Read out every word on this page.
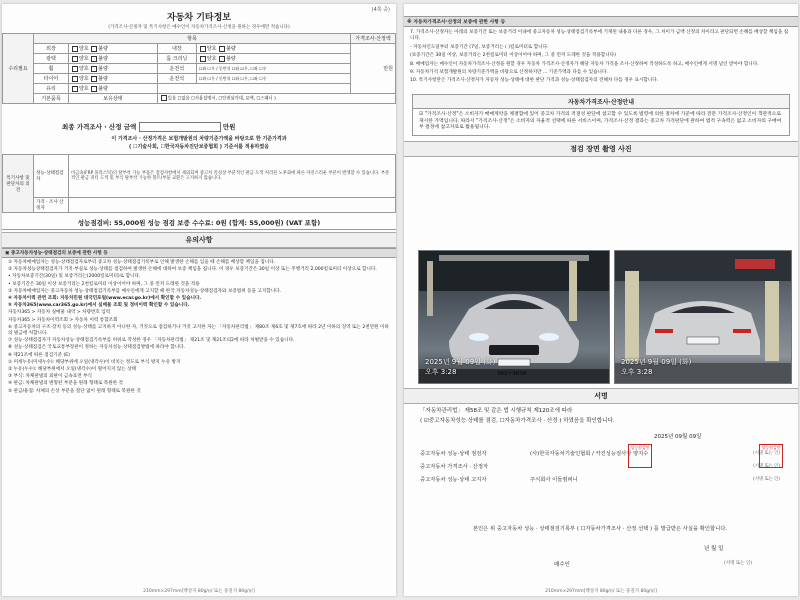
(4쪽 중)
자동차 기타정보
(가격조사·산정자 및 특기사항은 매수인이 자동차가격조사·산정을 원하는 경우에만 적습니다)
수리필요	항목				가격조사·산정액
	외장	양호 불량	내장	양호 불량	만원
	광택	양호 불량	룸 크리닝	양호 불량	
	휠	양호 불량	운전석	☐좌 ☐우 / 동반석 ☐좌 ☑우, ☐좌 ☐우	
	타이어	양호 불량	운전석	☐좌 ☐우 / 동반석 ☐좌 ☐우, ☐좌 ☐우	
	유리	양호 불량			
	기본품목	보유상태	있음 ☐없음 ☐사용설명서, ☐안전삼각대, ☑잭, ☐스패너 )		
최종 가격조사 · 산정 금액	만원
이 가격조사 · 산정가격은 보험개발원의 차량기준가액을 바탕으로 한 기준가격과
( ☐기술사회, ☐한국자동차진단보증협회 ) 기준서를 적용하였음
특기사항 및 판단자의 의견	성능·상태점검자	비금속(FRP 플라스틱)의 탈부착 가능 부품은 점검사항에서 제외되며 중고차 특성상 부분적인 판금 도색 처리된 노후화에 따른 자연스러운 부분이 발생할 수 있습니다. 부분적인 판금 퍼티 도색 및 부식 탈부착 가능한 볼트/부품 교환은 고지하지 않습니다.
	가격 · 조사 산정자	
성능점검비: 55,000원 성능 점검 보증 수수료: 0원 (합계: 55,000원) (VAT 포함)
유의사항
▣ 중고자동차성능·상태점검의 보증에 관한 사항 등
① 자동차매매업자는 성능·상태점검자로부터 중고차 성능·상태점검기록부로 인해 발생한 손해를 입을 때 손해를 배상할 책임을 집니다.
② 자동차성능상태점검자가 거짓·부실로 성능·상태를 점검하여 발생한 손해에 대하여 보증 책임을 집니다. 이 경우 보증기간은 30일 이상 또는 주행거리 2,000킬로미터 이상으로 합니다.
• 자동차보증기간(30일) 및 보증거리는(2000킬로미터)로 합니다.
• 보증기간은 30일 이상 보증거리는 2천킬로미터 이상이어야 하며, 그 중 먼저 도래한 것을 적용
③ 자동차매매업자는 중고자동차 성능·상태점검기록부를 매수인에게 고지할 때 한국 자동차성능·상태점검자와 보증범위 등을 고지합니다.
④ 자동차이력 관련 조회: 자동차민원 대국민포털(www.ecar.go.kr)에서 확인할 수 있습니다.
⑤ 자동차365(www.car365.go.kr)에서 실매물 조회 및 정비이력 확인할 수 있습니다.
자동차365 > 자동차 실매물 내역 > 차량번호 입력
자동차365 > 자동차이력조회 > 자동차 이력 통합조회
⑥ 중고자동차의 구조·장치 등의 성능·상태를 고지하지 아니한 자, 거짓으로 점검하거나 거짓 고지한 자는 「자동차관리법」 제80조 제6호 및 제7호에 따라 2년 이하의 징역 또는 2천만원 이하의 벌금에 처합니다.
⑦ 성능·상태점검자가 자동차성능·상태점검기록부를 허위로 작성한 경우 「자동차관리법」 제21조 및 제21조의2에 따라 처벌받을 수 있습니다.
⑧ 성능·상태점검은 국토교통부장관이 정하는 자동차성능·상태점검방법에 따라야 합니다.
※ 제21조에 따른 점검기준 (E)
① 미세누유(미세누수): 해당부위에 오일(냉각수)이 비치는 정도로 부식 방지 누유 방지
② 누유(누수): 해당부위에서 오일(냉각수)이 떨어지지 않는 상태
③ 부식: 차체판넬의 외판이 금속표면 부식
④ 판금: 차체판넬의 변형된 부분을 원래 형태로 복원한 것
⑤ 판금/용접: 차체의 손상 부분을 절단 없이 원래 형태로 복원한 것
210mm×297mm[백상지 80g/㎡ 또는 중질지 80g/㎡]
※ 자동차가격조사·산정의 보증에 관한 사항 등
7. 가격조사·산정자는 아래의 보증기간 또는 보증거리 이내에 중고자동차 성능·상태점검기록부에 기재된 내용과 다른 경우, 그 차이가 금액 산정의 차이라고 판단되면 손해를 배상할 책임을 집니다.
- 자동차인도일부터 보증기간 (7일, 보증거리는 ( )킬로미터로 합니다.
(보증기간은 30일 이상, 보증거리는 2천킬로미터 이상이어야 하며, 그 중 먼저 도래한 것을 적용합니다)
8. 매매업자는 매수인이 자동차가격조사·산정을 원할 경우 자동차 가격조사·산정자가 해당 자동차 가격을 조사·산정하여 작성하도록 하고, 매수인에게 서명 날인 받아야 합니다.
9. 자동차가격 보험개발원의 차량기준가액을 바탕으로 산정하지만 ... 기준가액과 다를 수 있습니다.
10. 특기사항란은 가격조사·산정자가 자동차 성능·상태에 대한 판단 가격과 성능·상태점검자의 견해차 다를 경우 표시합니다.
자동차가격조사·산정안내
☑ "가격조사·산정"은 소비자가 매매계약을 체결함에 있어 중고차 가격의 적절성 판단에 참고할 수 있도록 법령에 의한 절차에 가준에 따라 전문 가격조사·산정인이 객관적으로 제시한 가액입니다. 따라서 "가격조사·산정"은 소비자의 자율적 선택에 따른 서비스이며, 가격조사·산정 결과는 중고차 가격판단에 관하여 법적 구속력은 없고 소비자의 구매여부 결정에 참고자료로 활용됩니다.
점검 장면 촬영 사진
302무3038
2025년 9월 09일 (화)
오후 3:28
2025년 9월 09일 (화)
오후 3:28
서명
「자동차관리법」 제58조 및 같은 법 시행규칙 제120조에 따라
( ☑중고자동차성능·상태를 점검, ☐자동차가격조사 · 산정 ) 하였음을 확인합니다.
2025년 09월 09일
중고자동차 성능·상태 점검자	(사)한국자동차기술인협회 / 카진성능검사장 양지수	(서명 또는 인)
중고자동차 가격조사 · 산정자	(서명 또는 인)
중고자동차 성능·상태 고지자	주식회사 이들컴퍼니	(서명 또는 인)
성능점검인	성능점검인
본인은 위 중고자동차 성능 · 상태점검기록부 ( ☐자동차가격조사 · 산정 선택 ) 를 발급받은 사실을 확인합니다.
년 월 일
매수인	(서명 또는 인)
210mm×297mm[백상지 80g/㎡ 또는 중질지 80g/㎡]
